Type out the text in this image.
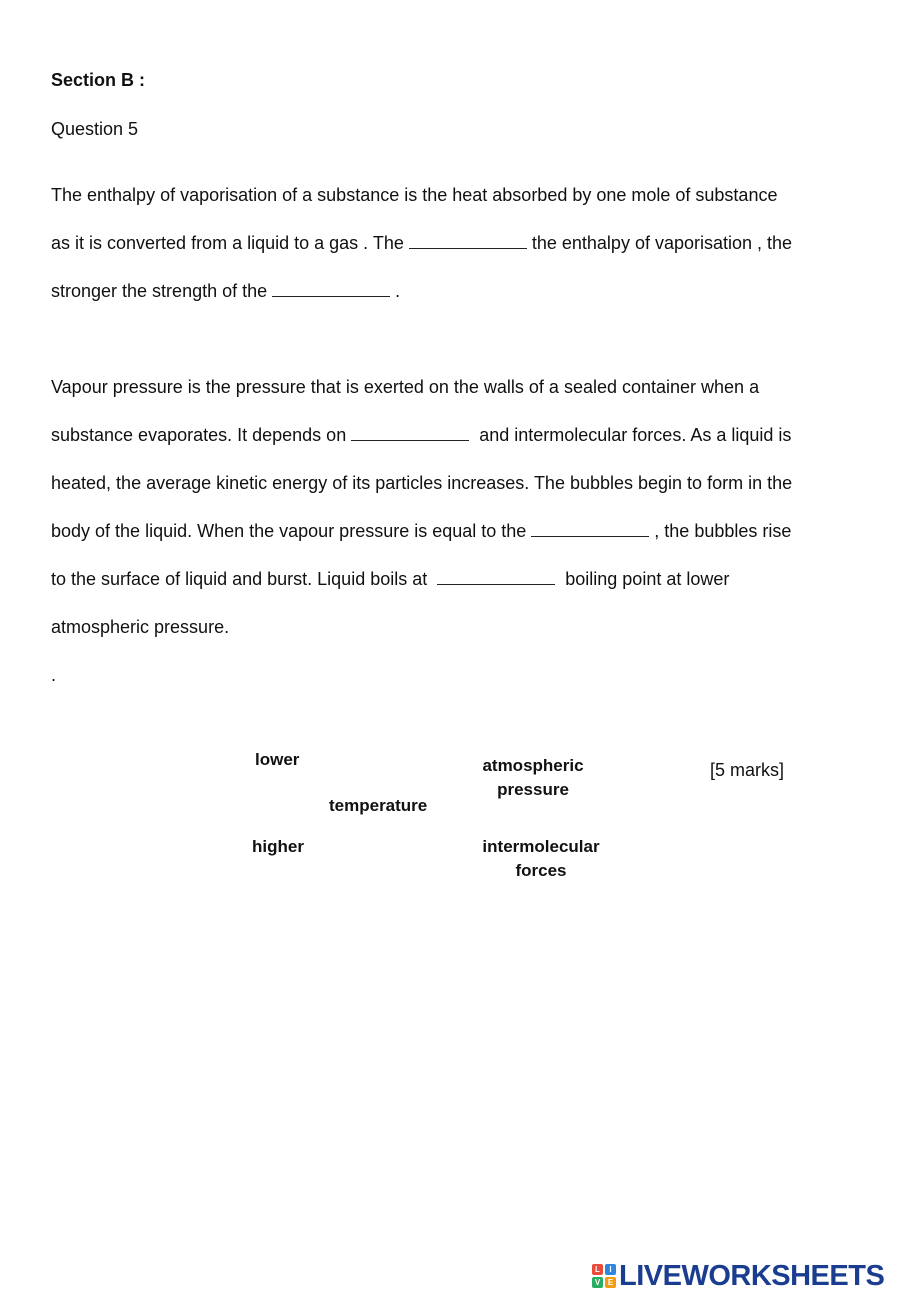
Section B :
Question 5
The enthalpy of vaporisation of a substance is the heat absorbed by one mole of substance
as it is converted from a liquid to a gas . The	the enthalpy of vaporisation , the
stronger the strength of the	.
Vapour pressure is the pressure that is exerted on the walls of a sealed container when a
substance evaporates. It depends on	and intermolecular forces. As a liquid is
heated, the average kinetic energy of its particles increases. The bubbles begin to form in the
body of the liquid. When the vapour pressure is equal to the	, the bubbles rise
to the surface of liquid and burst. Liquid boils at	boiling point at lower
atmospheric pressure.
.
lower
temperature
higher
atmospheric
pressure
intermolecular
forces
[5 marks]
L	I
V E LIVEWORKSHEETS
